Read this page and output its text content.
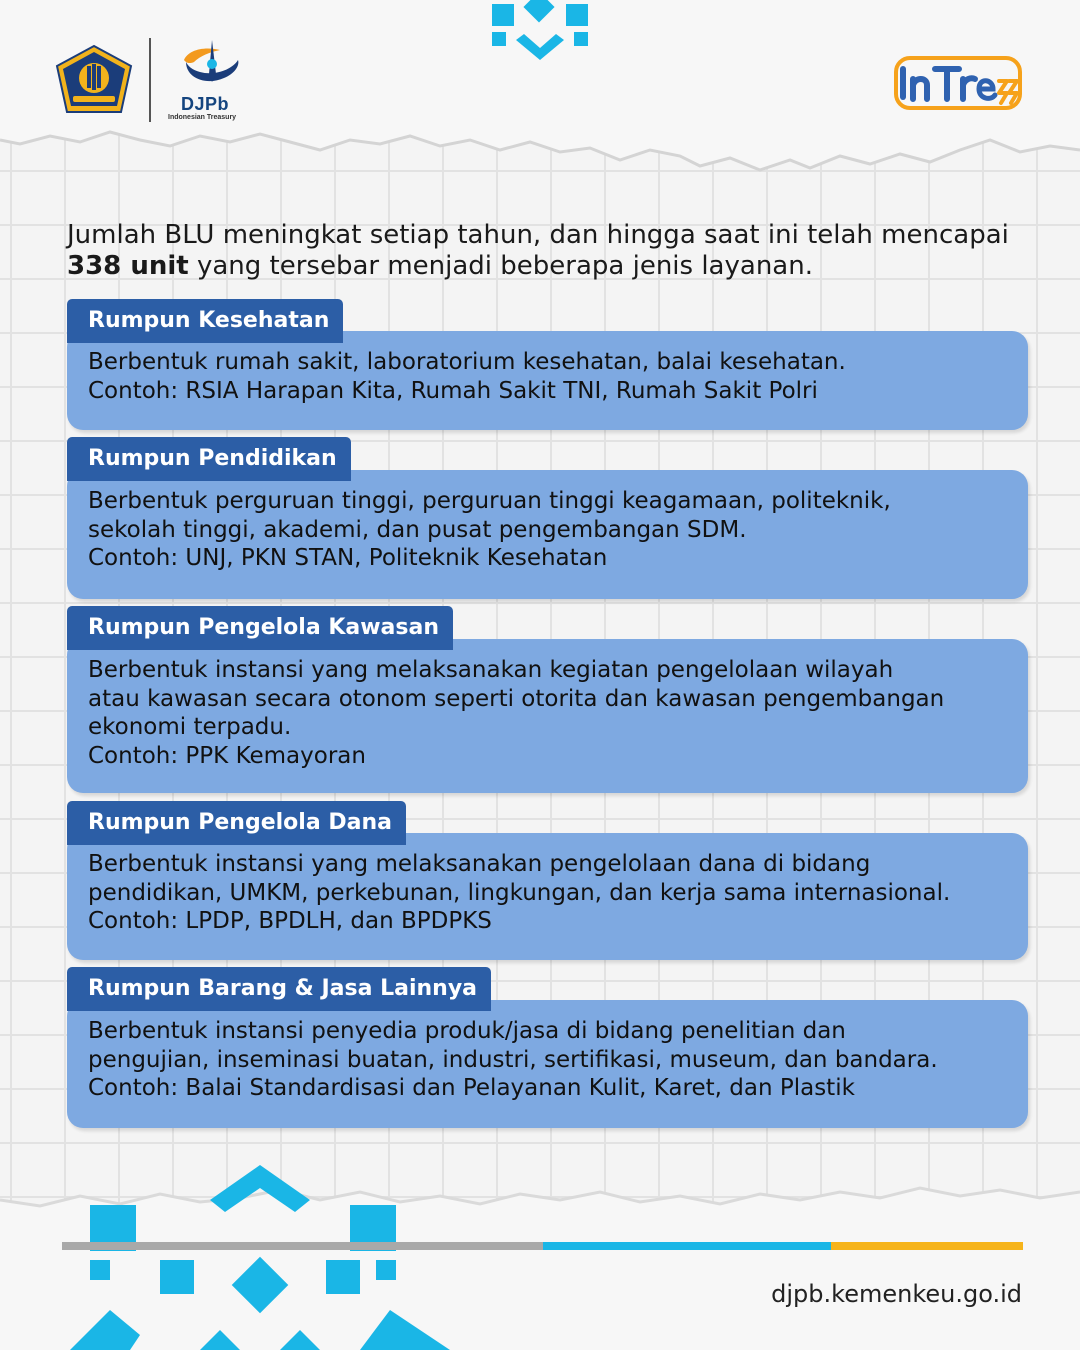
DJPb
Indonesian Treasury
Jumlah BLU meningkat setiap tahun, dan hingga saat ini telah mencapai 338 unit yang tersebar menjadi beberapa jenis layanan.
Rumpun Kesehatan
Berbentuk rumah sakit, laboratorium kesehatan, balai kesehatan.
Contoh: RSIA Harapan Kita, Rumah Sakit TNI, Rumah Sakit Polri
Rumpun Pendidikan
Berbentuk perguruan tinggi, perguruan tinggi keagamaan, politeknik,
sekolah tinggi, akademi, dan pusat pengembangan SDM.
Contoh: UNJ, PKN STAN, Politeknik Kesehatan
Rumpun Pengelola Kawasan
Berbentuk instansi yang melaksanakan kegiatan pengelolaan wilayah
atau kawasan secara otonom seperti otorita dan kawasan pengembangan
ekonomi terpadu.
Contoh: PPK Kemayoran
Rumpun Pengelola Dana
Berbentuk instansi yang melaksanakan pengelolaan dana di bidang
pendidikan, UMKM, perkebunan, lingkungan, dan kerja sama internasional.
Contoh: LPDP, BPDLH, dan BPDPKS
Rumpun Barang & Jasa Lainnya
Berbentuk instansi penyedia produk/jasa di bidang penelitian dan
pengujian, inseminasi buatan, industri, sertifikasi, museum, dan bandara.
Contoh: Balai Standardisasi dan Pelayanan Kulit, Karet, dan Plastik
djpb.kemenkeu.go.id
